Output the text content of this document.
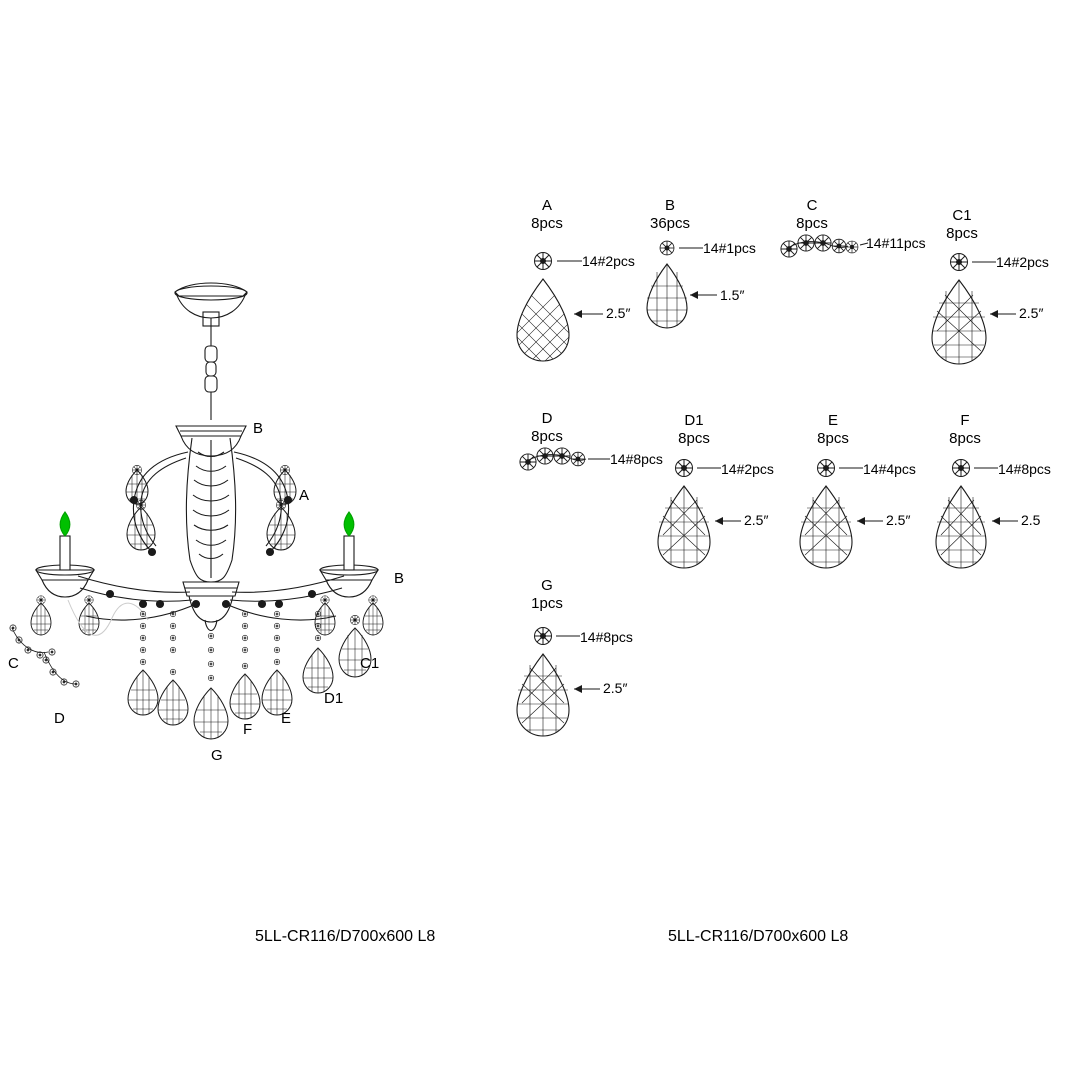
B
A
B
C	C1
D
D1
E
F
G
A
8pcs
14#2pcs
2.5″
B
36pcs
14#1pcs
1.5″
C
8pcs
14#11pcs
C1
8pcs
14#2pcs
2.5″
D
8pcs
14#8pcs
D1
8pcs
14#2pcs
2.5″
E
8pcs
14#4pcs
2.5″
F
8pcs
14#8pcs
2.5
G
1pcs
14#8pcs
2.5″
5LL-CR116/D700x600 L8	5LL-CR116/D700x600 L8
